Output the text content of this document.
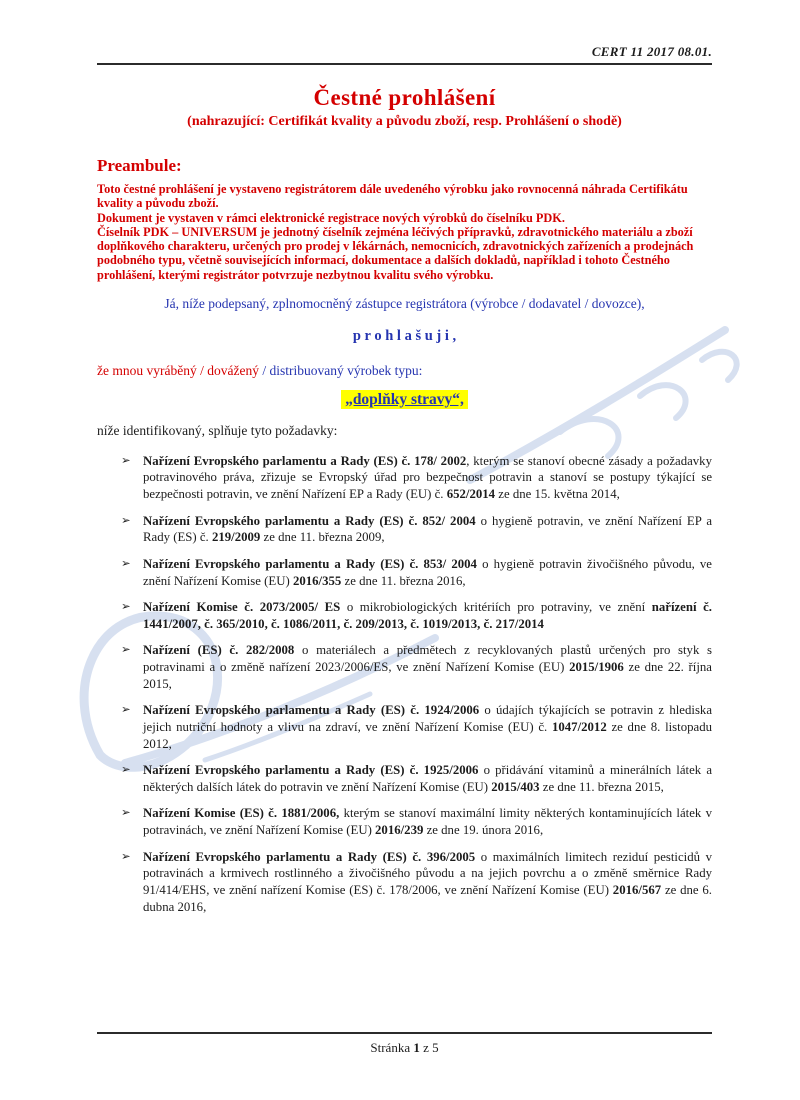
CERT 11 2017 08.01.
Čestné prohlášení
(nahrazující: Certifikát kvality a původu zboží, resp. Prohlášení o shodě)
Preambule:

Toto čestné prohlášení je vystaveno registrátorem dále uvedeného výrobku jako rovnocenná náhrada Certifikátu kvality a původu zboží.

Dokument je vystaven v rámci elektronické registrace nových výrobků do číselníku PDK.

Číselník PDK – UNIVERSUM je jednotný číselník zejména léčivých přípravků, zdravotnického materiálu a zboží doplňkového charakteru, určených pro prodej v lékárnách, nemocnicích, zdravotnických zařízeních a prodejnách podobného typu, včetně souvisejících informací, dokumentace a dalších dokladů, například i tohoto Čestného prohlášení, kterými registrátor potvrzuje nezbytnou kvalitu svého výrobku.

Já, níže podepsaný, zplnomocněný zástupce registrátora (výrobce / dodavatel / dovozce),
p r o h l a š u j i ,
že mnou vyráběný / dovážený / distribuovaný výrobek typu:
„doplňky stravy“,
níže identifikovaný, splňuje tyto požadavky:
➢ Nařízení Evropského parlamentu a Rady (ES) č. 178/ 2002, kterým se stanoví obecné zásady a požadavky potravinového práva, zřizuje se Evropský úřad pro bezpečnost potravin a stanoví se postupy týkající se bezpečnosti potravin, ve znění Nařízení EP a Rady (EU) č. 652/2014 ze dne 15. května 2014,
➢ Nařízení Evropského parlamentu a Rady (ES) č. 852/ 2004 o hygieně potravin, ve znění Nařízení EP a Rady (ES) č. 219/2009 ze dne 11. března 2009,
➢ Nařízení Evropského parlamentu a Rady (ES) č. 853/ 2004 o hygieně potravin živočišného původu, ve znění Nařízení Komise (EU) 2016/355 ze dne 11. března 2016,
➢ Nařízení Komise č. 2073/2005/ ES o mikrobiologických kritériích pro potraviny, ve znění nařízení č. 1441/2007, č. 365/2010, č. 1086/2011, č. 209/2013, č. 1019/2013, č. 217/2014
➢ Nařízení (ES) č. 282/2008 o materiálech a předmětech z recyklovaných plastů určených pro styk s potravinami a o změně nařízení 2023/2006/ES, ve znění Nařízení Komise (EU) 2015/1906 ze dne 22. října 2015,
➢ Nařízení Evropského parlamentu a Rady (ES) č. 1924/2006 o údajích týkajících se potravin z hlediska jejich nutriční hodnoty a vlivu na zdraví, ve znění Nařízení Komise (EU) č. 1047/2012 ze dne 8. listopadu 2012,
➢ Nařízení Evropského parlamentu a Rady (ES) č. 1925/2006 o přidávání vitaminů a minerálních látek a některých dalších látek do potravin ve znění Nařízení Komise (EU) 2015/403 ze dne 11. března 2015,
➢ Nařízení Komise (ES) č. 1881/2006, kterým se stanoví maximální limity některých kontaminujících látek v potravinách, ve znění Nařízení Komise (EU) 2016/239 ze dne 19. února 2016,
➢ Nařízení Evropského parlamentu a Rady (ES) č. 396/2005 o maximálních limitech reziduí pesticidů v potravinách a krmivech rostlinného a živočišného původu a na jejich povrchu a o změně směrnice Rady 91/414/EHS, ve znění nařízení Komise (ES) č. 178/2006, ve znění Nařízení Komise (EU) 2016/567 ze dne 6. dubna 2016,
Stránka 1 z 5
